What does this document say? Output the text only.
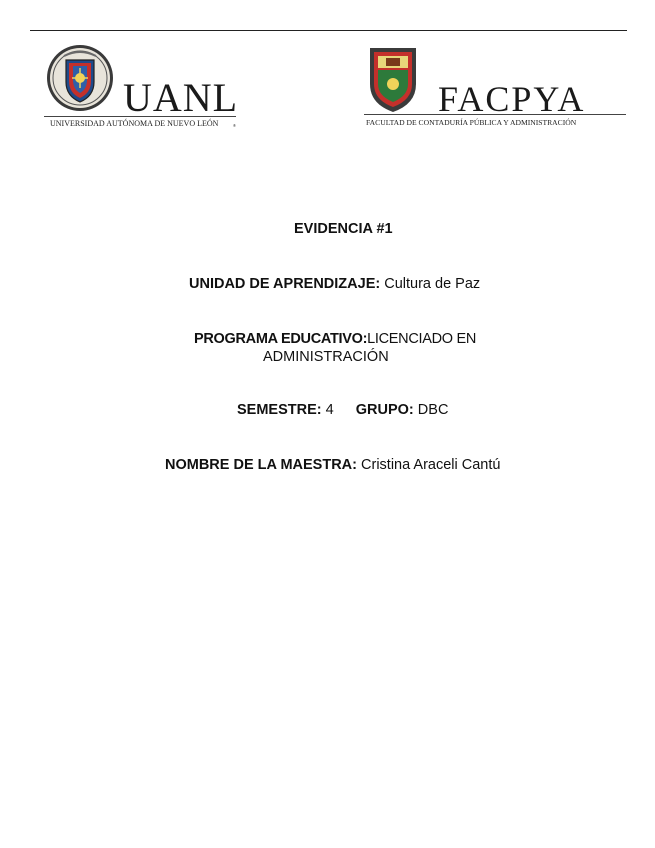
UANL
UNIVERSIDAD AUTÓNOMA DE NUEVO LEÓN	®
FACPYA
FACULTAD DE CONTADURÍA PÚBLICA Y ADMINISTRACIÓN
EVIDENCIA #1
UNIDAD DE APRENDIZAJE: Cultura de Paz
PROGRAMA EDUCATIVO:LICENCIADO EN
ADMINISTRACIÓN
SEMESTRE: 4 GRUPO: DBC
NOMBRE DE LA MAESTRA: Cristina Araceli Cantú
